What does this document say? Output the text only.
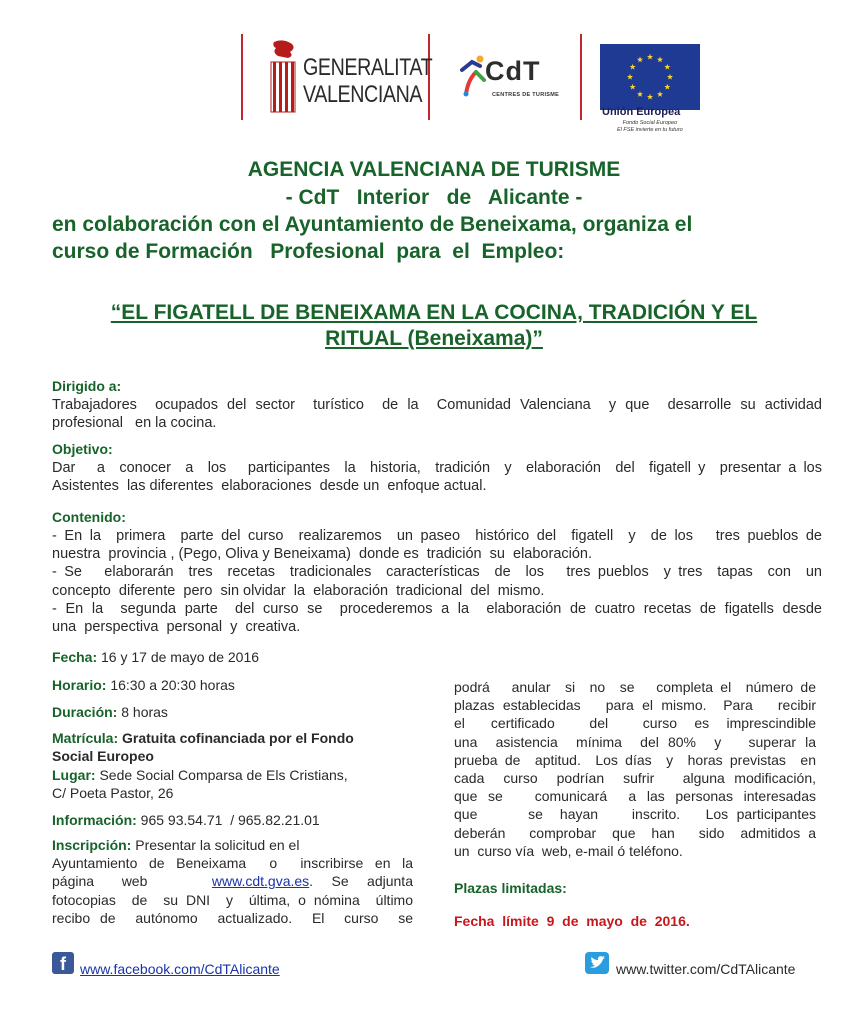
GENERALITAT
VALENCIANA
CdT
CENTRES DE TURISME
Unión Europea
Fondo Social Europeo
El FSE invierte en tu futuro
AGENCIA VALENCIANA DE TURISME
- CdT   Interior   de   Alicante -
en colaboración con el Ayuntamiento de Beneixama, organiza el
curso de Formación   Profesional  para  el  Empleo:
“EL FIGATELL DE BENEIXAMA EN LA COCINA, TRADICIÓN Y EL
RITUAL (Beneixama)”
Dirigido a:
Trabajadores  ocupados del sector  turístico  de la  Comunidad Valenciana  y que  desarrolle su actividad
profesional   en la cocina.
Objetivo:
Dar   a  conocer  a  los   participantes  la  historia,  tradición  y  elaboración  del  figatell y  presentar a los
Asistentes  las diferentes  elaboraciones  desde un  enfoque actual.
Contenido:
- En la  primera  parte del curso  realizaremos  un paseo  histórico del  figatell  y  de los   tres pueblos de
nuestra  provincia , (Pego, Oliva y Beneixama)  donde es  tradición  su  elaboración.
- Se   elaborarán  tres  recetas  tradicionales  características  de  los   tres pueblos  y tres  tapas  con  un
concepto  diferente  pero  sin olvidar  la  elaboración  tradicional  del  mismo.
- En la  segunda parte  del curso se  procederemos a la  elaboración de cuatro recetas de figatells desde
una  perspectiva  personal  y  creativa.
Fecha: 16 y 17 de mayo de 2016
Horario: 16:30 a 20:30 horas
Duración: 8 horas
Matrícula: Gratuita cofinanciada por el Fondo
Social Europeo
Lugar: Sede Social Comparsa de Els Cristians,
C/ Poeta Pastor, 26
Información: 965 93.54.71  / 965.82.21.01
Inscripción: Presentar la solicitud en el
Ayuntamiento de Beneixama  o  inscribirse en la
página   web	www.cdt.gva.es.  Se  adjunta
fotocopias  de  su DNI  y  última, o nómina  último
recibo de  autónomo  actualizado.  El  curso  se
podrá   anular  si  no  se   completa el  número de
plazas establecidas   para el mismo.  Para   recibir
el   certificado    del    curso  es  imprescindible
una  asistencia  mínima  del 80%  y   superar la
prueba de  aptitud.  Los días  y  horas previstas  en
cada  curso  podrían  sufrir   alguna modificación,
que se   comunicará  a las personas interesadas
que      se  hayan    inscrito.   Los participantes
deberán   comprobar  que  han   sido  admitidos a
un  curso vía  web, e-mail ó teléfono.
Plazas limitadas:
Fecha  límite  9  de  mayo  de  2016.
f	www.facebook.com/CdTAlicante	www.twitter.com/CdTAlicante
